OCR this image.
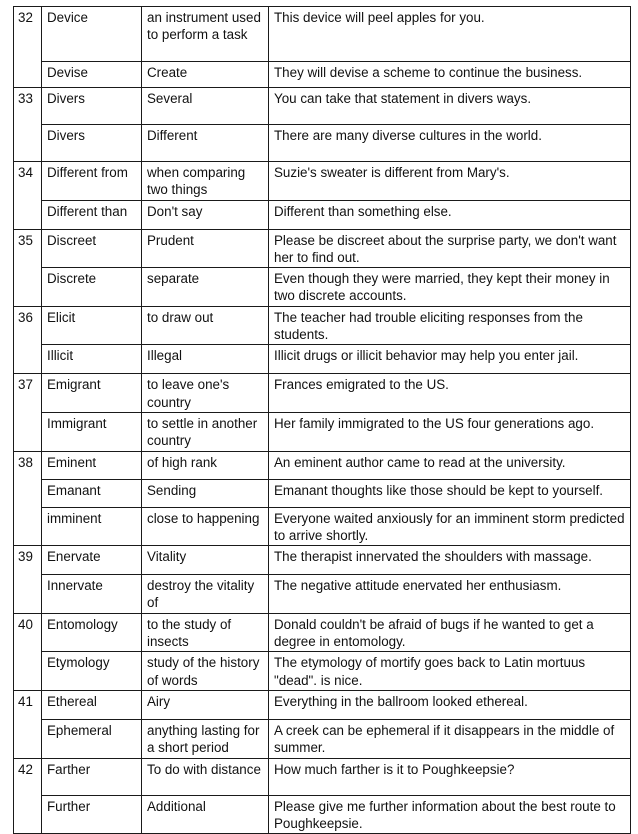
32	Device	an instrument used to perform a task	This device will peel apples for you.
	Devise	Create	They will devise a scheme to continue the business.
33	Divers	Several	You can take that statement in divers ways.
	Divers	Different	There are many diverse cultures in the world.
34	Different from	when comparing two things	Suzie's sweater is different from Mary's.
	Different than	Don't say	Different than something else.
35	Discreet	Prudent	Please be discreet about the surprise party, we don't want her to find out.
	Discrete	separate	Even though they were married, they kept their money in two discrete accounts.
36	Elicit	to draw out	The teacher had trouble eliciting responses from the students.
	Illicit	Illegal	Illicit drugs or illicit behavior may help you enter jail.
37	Emigrant	to leave one's country	Frances emigrated to the US.
	Immigrant	to settle in another country	Her family immigrated to the US four generations ago.
38	Eminent	of high rank	An eminent author came to read at the university.
	Emanant	Sending	Emanant thoughts like those should be kept to yourself.
	imminent	close to happening	Everyone waited anxiously for an imminent storm predicted to arrive shortly.
39	Enervate	Vitality	The therapist innervated the shoulders with massage.
	Innervate	destroy the vitality of	The negative attitude enervated her enthusiasm.
40	Entomology	to the study of insects	Donald couldn't be afraid of bugs if he wanted to get a degree in entomology.
	Etymology	study of the history of words	The etymology of mortify goes back to Latin mortuus "dead". is nice.
41	Ethereal	Airy	Everything in the ballroom looked ethereal.
	Ephemeral	anything lasting for a short period	A creek can be ephemeral if it disappears in the middle of summer.
42	Farther	To do with distance	How much farther is it to Poughkeepsie?
	Further	Additional	Please give me further information about the best route to Poughkeepsie.
